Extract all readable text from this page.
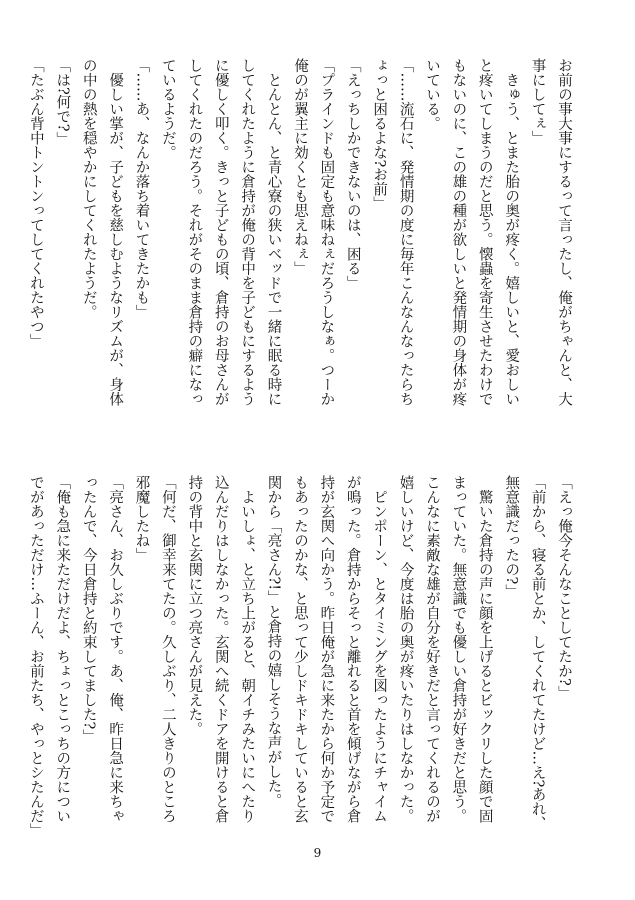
お前の事大事にするって言ったし、俺がちゃんと、大

事にしてぇ」

　きゅう、とまた胎の奥が疼く。嬉しいと、愛おしい

と疼いてしまうのだと思う。懐蟲を寄生させたわけで

もないのに、この雄の種が欲しいと発情期の身体が疼

いている。

「……流石に、発情期の度に毎年こんなんなったらち

ょっと困るよな?お前」

「えっちしかできないのは、困る」

「プラインドも固定も意味ねぇだろうしなぁ。つーか

俺のが翼主に効くとも思えねぇ」

　とんとん、と青心寮の狭いベッドで一緒に眠る時に

してくれたように倉持が俺の背中を子どもにするよう

に優しく叩く。きっと子どもの頃、倉持のお母さんが

してくれたのだろう。それがそのまま倉持の癖になっ

ているようだ。

「……あ、なんか落ち着いてきたかも」

　優しい掌が、子どもを慈しむようなリズムが、身体

の中の熱を穏やかにしてくれたようだ。

「は?何で?」

「たぶん背中トントンってしてくれたやつ」

「えっ俺今そんなことしてたか?」

「前から、寝る前とか、してくれてたけど…え?あれ、

無意識だったの?」

　驚いた倉持の声に顔を上げるとビックリした顔で固

まっていた。無意識でも優しい倉持が好きだと思う。

こんなに素敵な雄が自分を好きだと言ってくれるのが

嬉しいけど、今度は胎の奥が疼いたりはしなかった。

　ピンポーン、とタイミングを図ったようにチャイム

が鳴った。倉持からそっと離れると首を傾げながら倉

持が玄関へ向かう。昨日俺が急に来たから何か予定で

もあったのかな、と思って少しドキドキしていると玄

関から「亮さん?!」と倉持の嬉しそうな声がした。

　よいしょ、と立ち上がると、朝イチみたいにへたり

込んだりはしなかった。玄関へ続くドアを開けると倉

持の背中と玄関に立つ亮さんが見えた。

「何だ、御幸来てたの。久しぶり、二人きりのところ

邪魔したね」

「亮さん、お久しぶりです。あ、俺、昨日急に来ちゃ

ったんで、今日倉持と約束してました?」

「俺も急に来ただけだよ、ちょっとこっちの方につい

でがあっただけ…ふーん、お前たち、やっとシたんだ」

9
